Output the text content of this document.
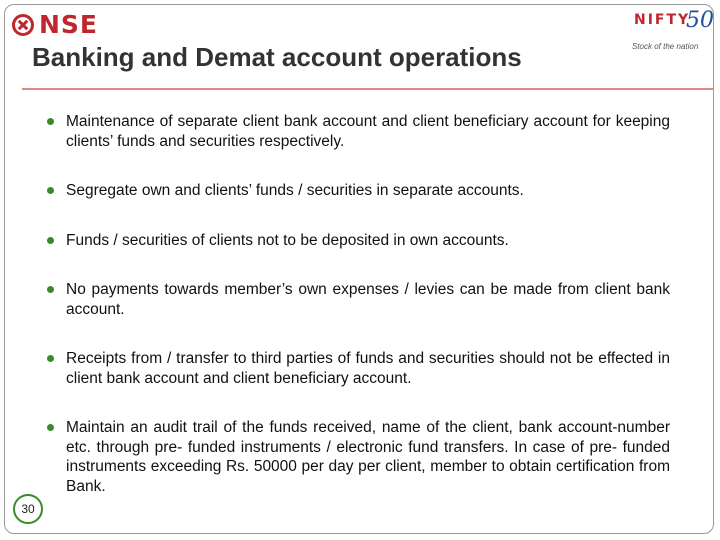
NSE
Banking and Demat account operations
NIFTY
50
Stock of the nation
Maintenance of separate client bank account and client beneficiary account for keeping clients’ funds and securities respectively.
Segregate own and clients’ funds / securities in separate accounts.
Funds / securities of clients not to be deposited in own accounts.
No payments towards member’s own expenses / levies can be made from client bank account.
Receipts from / transfer to third parties of funds and securities should not be effected in client bank account and client beneficiary account.
Maintain an audit trail of the funds received, name of the client, bank account-number etc. through pre- funded instruments / electronic fund transfers. In case of pre- funded instruments exceeding Rs. 50000 per day per client, member to obtain certification from Bank.
30
